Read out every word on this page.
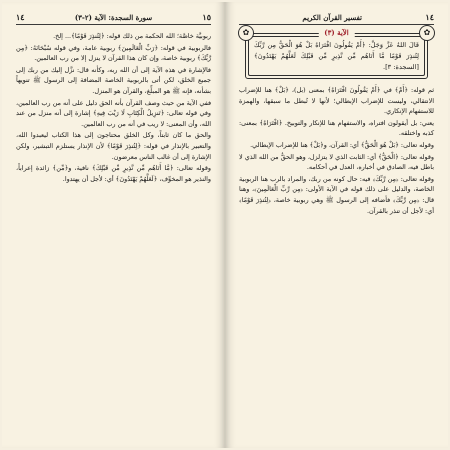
١٥
سورة السجدة: الآية (٢-٣)
١٤

ربوبيَّة خاصَّة؛ الله الحكمة من ذلك قوله: ﴿لِتُنذِرَ قَوْمًا﴾... إلخ.

فالربوبية في قوله: ﴿رَبِّ الْعَالَمِينَ﴾ ربوبية عامة، وفي قوله سُبْحَانَهُ: ﴿مِن رَّبِّكَ﴾ ربوبية خاصة، وإن كان هذا القرآن لا ينزل إلا من رب العالمين.

فالإشارة في هذه الآية إلى أن الله ربه، وكأنه قال: نزَّل إليك من ربك إلى جميع الخلق، لكن أتى بالربوبية الخاصة المضافة إلى الرسول ﷺ تنويهاً بشأنه، فإنه ﷺ هو المبلِّغ، والقرآن هو المنزل.

ففي الآية من حيث وصف القرآن بأنه الحق دليل على أنه من رب العالمين، وفي قوله تعالى: ﴿تَنزِيلُ الْكِتَابِ لَا رَيْبَ فِيهِ﴾ إشارة إلى أنه منزل من عند الله، وأن المعنى: لا ريب في أنه من رب العالمين.

والحق ما كان ثابتاً، وكل الخلق محتاجون إلى هذا الكتاب ليعبدوا الله، والتعبير بالإنذار في قوله: ﴿لِتُنذِرَ قَوْمًا﴾ لأن الإنذار يستلزم التبشير، ولكن الإشارة إلى أن غالب الناس معرضون.

وقوله تعالى: ﴿مَّا أَتَاهُم مِّن نَّذِيرٍ مِّن قَبْلِكَ﴾ نافية، و﴿مِّن﴾ زائدة إعراباً، والنذير هو المخوِّف، ﴿لَعَلَّهُمْ يَهْتَدُونَ﴾ أي: لأجل أن يهتدوا.

١٤
تفسير القرآن الكريم
✿
✿	الآية (٣)
قَالَ اللهُ عَزَّ وَجَلَّ: ﴿أَمْ يَقُولُونَ افْتَرَاهُ بَلْ هُوَ الْحَقُّ مِن رَّبِّكَ لِتُنذِرَ قَوْمًا مَّا أَتَاهُم مِّن نَّذِيرٍ مِّن قَبْلِكَ لَعَلَّهُمْ يَهْتَدُونَ﴾ [السجدة: ٣].

ثم قوله: ﴿أَمْ﴾ في ﴿أَمْ يَقُولُونَ افْتَرَاهُ﴾ بمعنى (بل)، ﴿بَلْ﴾ هنا للإضراب الانتقالي، وليست للإضراب الإبطالي؛ لأنها لا تُبطل ما سبقها، والهمزة للاستفهام الإنكاري.

يعني: بل أيقولون افتراه، والاستفهام هنا للإنكار والتوبيخ. ﴿افْتَرَاهُ﴾ بمعنى: كذبه واختلقه.

وقوله تعالى: ﴿بَلْ هُوَ الْحَقُّ﴾ أي: القرآن، و﴿بَلْ﴾ هنا للإضراب الإبطالي.

وقوله تعالى: ﴿الْحَقُّ﴾ أي: الثابت الذي لا يتزلزل، وهو الحقُّ من الله الذي لا باطل فيه، الصادق في أخباره، العدل في أحكامه.

وقوله تعالى: ﴿مِن رَّبِّكَ﴾ فيه: حال كونه من ربك، والمراد بالرب هنا الربوبية الخاصة، والدليل على ذلك قوله في الآية الأولى: ﴿مِن رَّبِّ الْعَالَمِينَ﴾، وهنا قال: ﴿مِن رَّبِّكَ﴾ فأضافه إلى الرسول ﷺ وهي ربوبية خاصة، ﴿لِتُنذِرَ قَوْمًا﴾ أي: لأجل أن تنذر بالقرآن.
